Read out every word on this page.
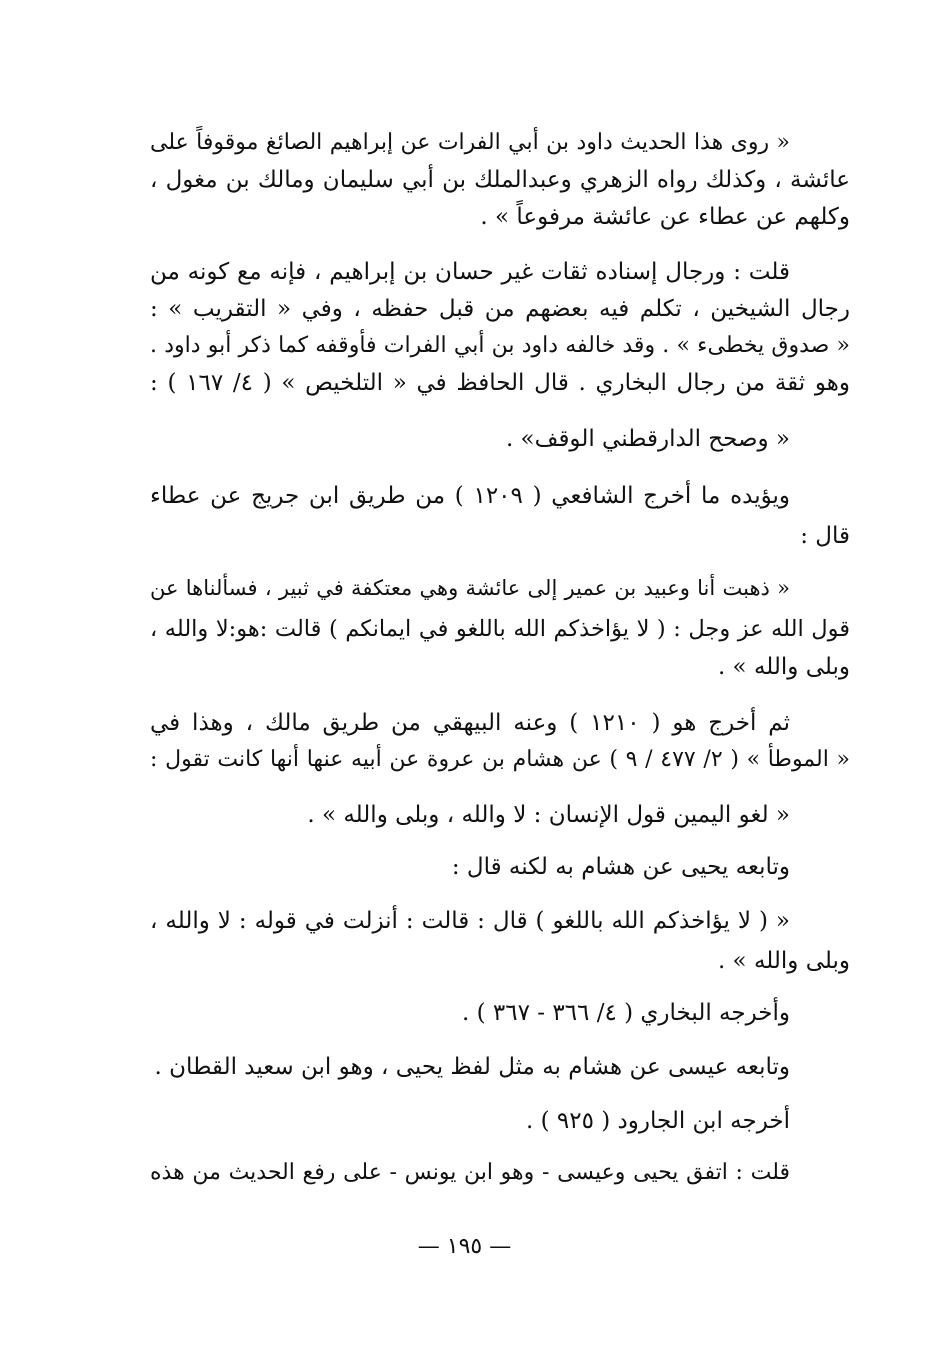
« روى هذا الحديث داود بن أبي الفرات عن إبراهيم الصائغ موقوفاً على
عائشة ، وكذلك رواه الزهري وعبدالملك بن أبي سليمان ومالك بن مغول ،
وكلهم عن عطاء عن عائشة مرفوعاً » .
قلت : ورجال إسناده ثقات غير حسان بن إبراهيم ، فإنه مع كونه من
رجال الشيخين ، تكلم فيه بعضهم من قبل حفظه ، وفي « التقريب » :
« صدوق يخطىء » . وقد خالفه داود بن أبي الفرات فأوقفه كما ذكر أبو داود .
وهو ثقة من رجال البخاري . قال الحافظ في « التلخيص » ( ٤/ ١٦٧ ) :
« وصحح الدارقطني الوقف» .
ويؤيده ما أخرج الشافعي ( ١٢٠٩ ) من طريق ابن جريج عن عطاء
قال :
« ذهبت أنا وعبيد بن عمير إلى عائشة وهي معتكفة في ثبير ، فسألناها عن
قول الله عز وجل : ( لا يؤاخذكم الله باللغو في ايمانكم ) قالت :هو:لا والله ،
وبلى والله » .
ثم أخرج هو ( ١٢١٠ ) وعنه البيهقي من طريق مالك ، وهذا في
« الموطأ » ( ٢/ ٤٧٧ / ٩ ) عن هشام بن عروة عن أبيه عنها أنها كانت تقول :
« لغو اليمين قول الإنسان : لا والله ، وبلى والله » .
وتابعه يحيى عن هشام به لكنه قال :
« ( لا يؤاخذكم الله باللغو ) قال : قالت : أنزلت في قوله : لا والله ،
وبلى والله » .
وأخرجه البخاري ( ٤/ ٣٦٦ - ٣٦٧ ) .
وتابعه عيسى عن هشام به مثل لفظ يحيى ، وهو ابن سعيد القطان .
أخرجه ابن الجارود ( ٩٢٥ ) .
قلت : اتفق يحيى وعيسى - وهو ابن يونس - على رفع الحديث من هذه
— ١٩٥ —
